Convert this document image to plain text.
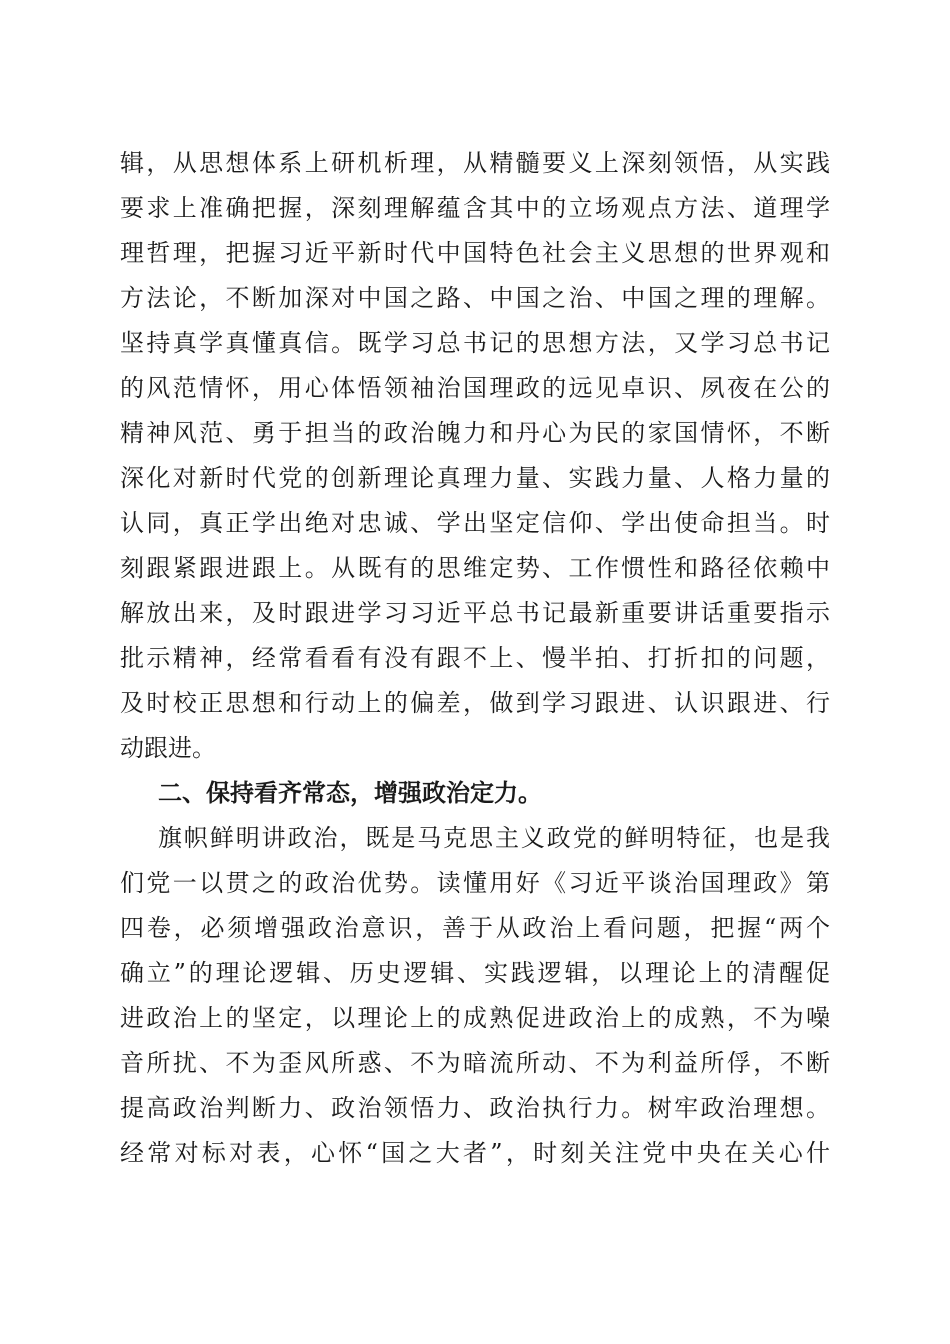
辑，从思想体系上研机析理，从精髓要义上深刻领悟，从实践
要求上准确把握，深刻理解蕴含其中的立场观点方法、道理学
理哲理，把握习近平新时代中国特色社会主义思想的世界观和
方法论，不断加深对中国之路、中国之治、中国之理的理解。
坚持真学真懂真信。既学习总书记的思想方法，又学习总书记
的风范情怀，用心体悟领袖治国理政的远见卓识、夙夜在公的
精神风范、勇于担当的政治魄力和丹心为民的家国情怀，不断
深化对新时代党的创新理论真理力量、实践力量、人格力量的
认同，真正学出绝对忠诚、学出坚定信仰、学出使命担当。时
刻跟紧跟进跟上。从既有的思维定势、工作惯性和路径依赖中
解放出来，及时跟进学习习近平总书记最新重要讲话重要指示
批示精神，经常看看有没有跟不上、慢半拍、打折扣的问题，
及时校正思想和行动上的偏差，做到学习跟进、认识跟进、行
动跟进。
二、保持看齐常态，增强政治定力。
旗帜鲜明讲政治，既是马克思主义政党的鲜明特征，也是我
们党一以贯之的政治优势。读懂用好《习近平谈治国理政》第
四卷，必须增强政治意识，善于从政治上看问题，把握“两个
确立”的理论逻辑、历史逻辑、实践逻辑，以理论上的清醒促
进政治上的坚定，以理论上的成熟促进政治上的成熟，不为噪
音所扰、不为歪风所惑、不为暗流所动、不为利益所俘，不断
提高政治判断力、政治领悟力、政治执行力。树牢政治理想。
经常对标对表，心怀“国之大者”，时刻关注党中央在关心什
